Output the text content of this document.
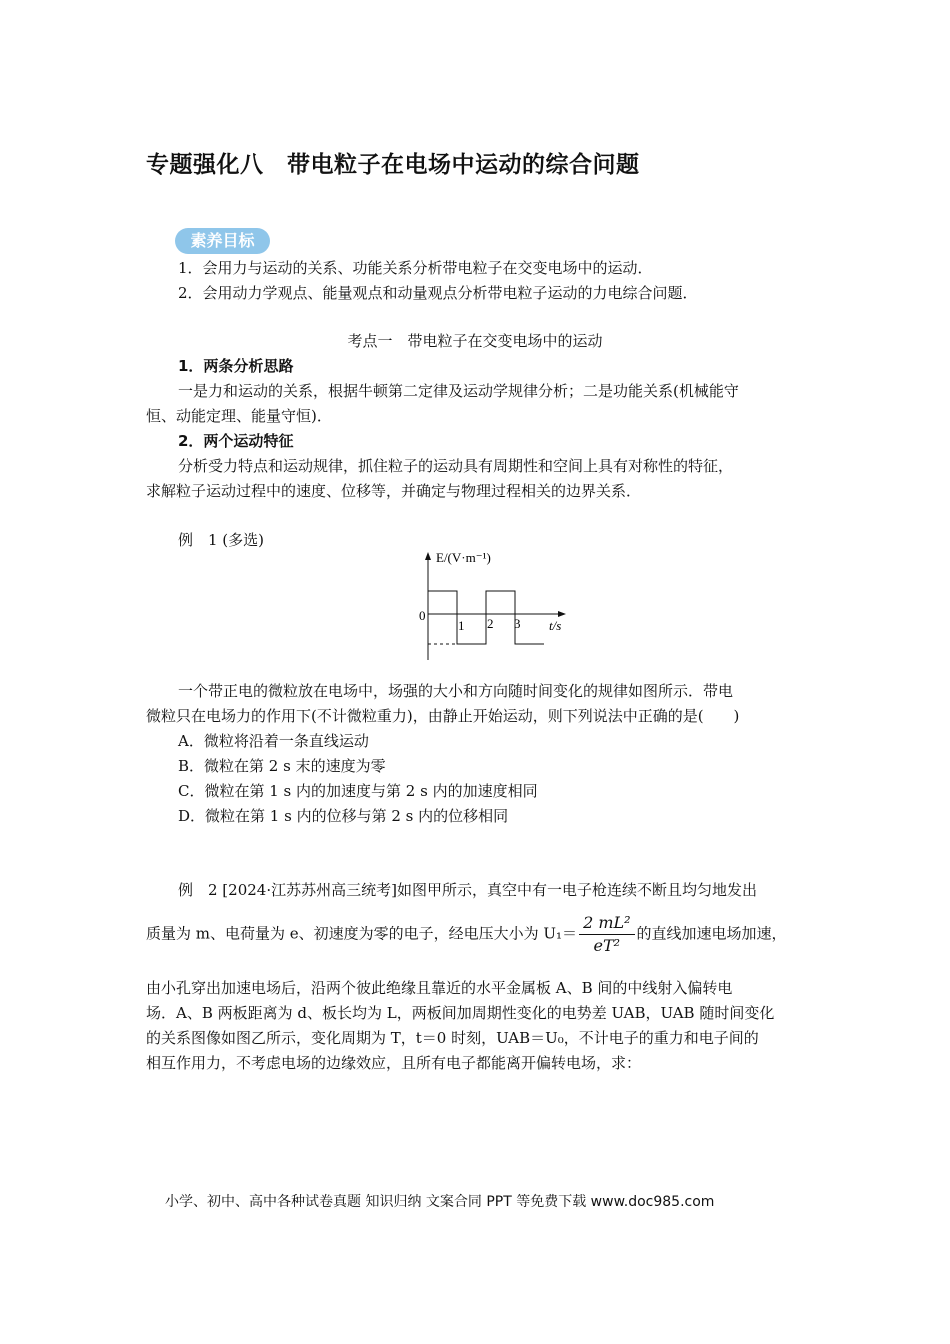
专题强化八　带电粒子在电场中运动的综合问题
素养目标
1．会用力与运动的关系、功能关系分析带电粒子在交变电场中的运动．
2．会用动力学观点、能量观点和动量观点分析带电粒子运动的力电综合问题．
考点一　带电粒子在交变电场中的运动
1．两条分析思路
一是力和运动的关系，根据牛顿第二定律及运动学规律分析；二是功能关系(机械能守
恒、动能定理、能量守恒)．
2．两个运动特征
分析受力特点和运动规律，抓住粒子的运动具有周期性和空间上具有对称性的特征，
求解粒子运动过程中的速度、位移等，并确定与物理过程相关的边界关系．
例　1 (多选)
E/(V·m⁻¹)
0
1 2 3 t/s
一个带正电的微粒放在电场中，场强的大小和方向随时间变化的规律如图所示．带电
微粒只在电场力的作用下(不计微粒重力)，由静止开始运动，则下列说法中正确的是(　　)
A．微粒将沿着一条直线运动
B．微粒在第 2 s 末的速度为零
C．微粒在第 1 s 内的加速度与第 2 s 内的加速度相同
D．微粒在第 1 s 内的位移与第 2 s 内的位移相同
例　2 [2024·江苏苏州高三统考]如图甲所示，真空中有一电子枪连续不断且均匀地发出
质量为 m、电荷量为 e、初速度为零的电子，经电压大小为 $U_1= \frac{\text{2 mL²}}{\text{eT²}}$ 的直线加速电场加速，
由小孔穿出加速电场后，沿两个彼此绝缘且靠近的水平金属板 A、B 间的中线射入偏转电
场．A、B 两板距离为 d、板长均为 L，两板间加周期性变化的电势差 UAB，UAB 随时间变化
的关系图像如图乙所示，变化周期为 T，t＝0 时刻，UAB＝U₀，不计电子的重力和电子间的
相互作用力，不考虑电场的边缘效应，且所有电子都能离开偏转电场，求：
小学、初中、高中各种试卷真题 知识归纳 文案合同 PPT 等免费下载 www.doc985.com
